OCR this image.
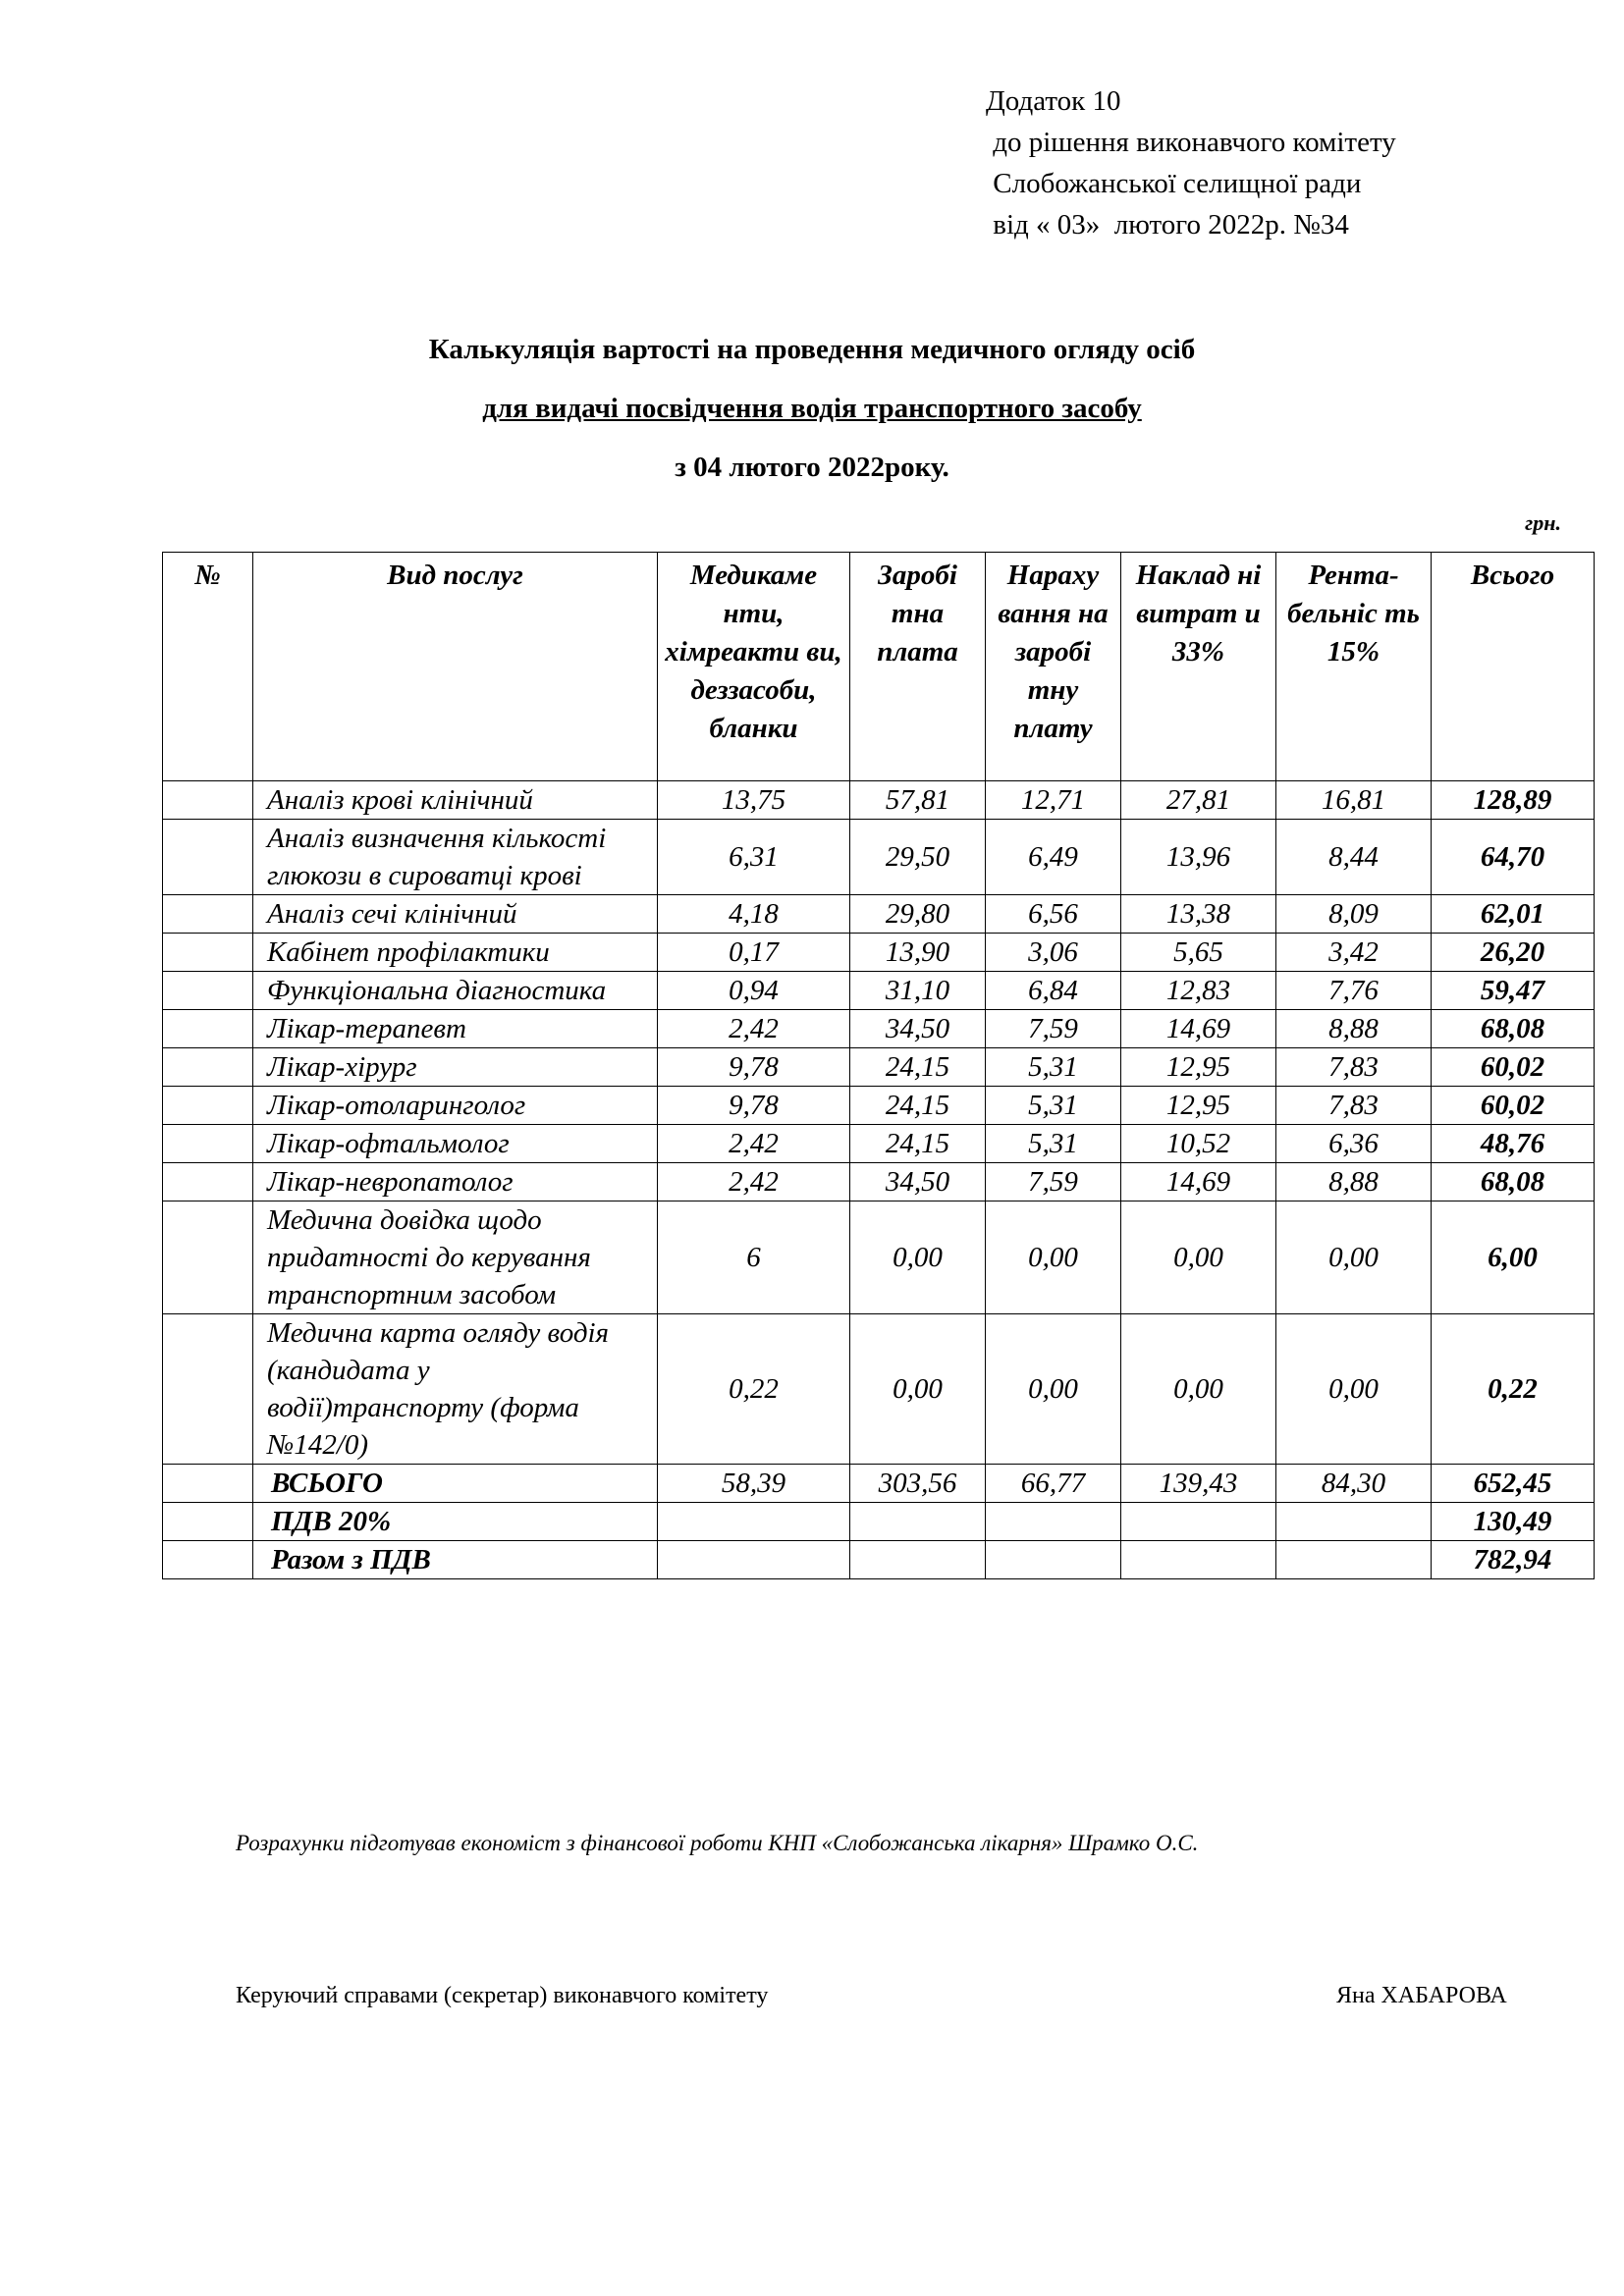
Додаток 10
до рішення виконавчого комітету
Слобожанської селищної ради
від « 03»  лютого 2022р. №34
Калькуляція вартості на проведення медичного огляду осіб
для видачі посвідчення водія транспортного засобу
з 04 лютого 2022року.
грн.
№	Вид послуг	Медикаме нти, хімреакти ви, деззасоби, бланки	Заробі тна плата	Нараху вання на заробі тну плату	Наклад ні витрат и 33%	Рента- бельніс ть 15%	Всього
	Аналіз крові клінічний	13,75	57,81	12,71	27,81	16,81	128,89
	Аналіз визначення кількості глюкози в сироватці крові	6,31	29,50	6,49	13,96	8,44	64,70
	Аналіз сечі клінічний	4,18	29,80	6,56	13,38	8,09	62,01
	Кабінет профілактики	0,17	13,90	3,06	5,65	3,42	26,20
	Функціональна діагностика	0,94	31,10	6,84	12,83	7,76	59,47
	Лікар-терапевт	2,42	34,50	7,59	14,69	8,88	68,08
	Лікар-хірург	9,78	24,15	5,31	12,95	7,83	60,02
	Лікар-отоларинголог	9,78	24,15	5,31	12,95	7,83	60,02
	Лікар-офтальмолог	2,42	24,15	5,31	10,52	6,36	48,76
	Лікар-невропатолог	2,42	34,50	7,59	14,69	8,88	68,08
	Медична довідка щодо придатності до керування транспортним засобом	6	0,00	0,00	0,00	0,00	6,00
	Медична карта огляду водія (кандидата у водії)транспорту (форма №142/0)	0,22	0,00	0,00	0,00	0,00	0,22
	ВСЬОГО	58,39	303,56	66,77	139,43	84,30	652,45
	ПДВ 20%						130,49
	Разом з ПДВ						782,94
Розрахунки підготував економіст з фінансової роботи КНП «Слобожанська лікарня» Шрамко О.С.
Керуючий справами (секретар) виконавчого комітету	Яна ХАБАРОВА
